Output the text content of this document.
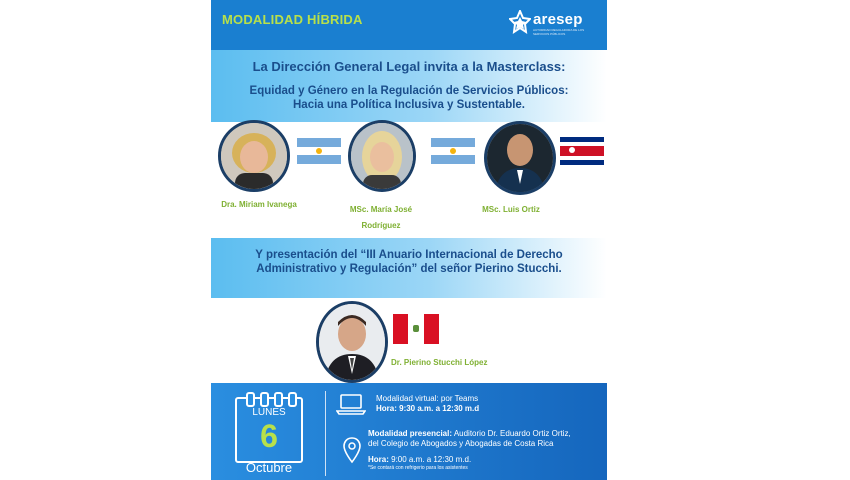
MODALIDAD HÍBRIDA	aresep
AUTORIDAD REGULADORA DE LOS SERVICIOS PÚBLICOS
La Dirección General Legal invita a la Masterclass:
Equidad y Género en la Regulación de Servicios Públicos:
Hacia una Política Inclusiva y Sustentable.
Dra. Miriam Ivanega
MSc. María José
Rodríguez
MSc. Luis Ortiz
Y presentación del “III Anuario Internacional de Derecho
Administrativo y Regulación” del señor Pierino Stucchi.
Dr. Pierino Stucchi López
LUNES
6
Octubre
Modalidad virtual: por Teams
Hora: 9:30 a.m. a 12:30 m.d
Modalidad presencial: Auditorio Dr. Eduardo Ortiz Ortiz,
del Colegio de Abogados y Abogadas de Costa Rica
Hora: 9:00 a.m. a 12:30 m.d.
*Se contará con refrigerio para los asistentes
